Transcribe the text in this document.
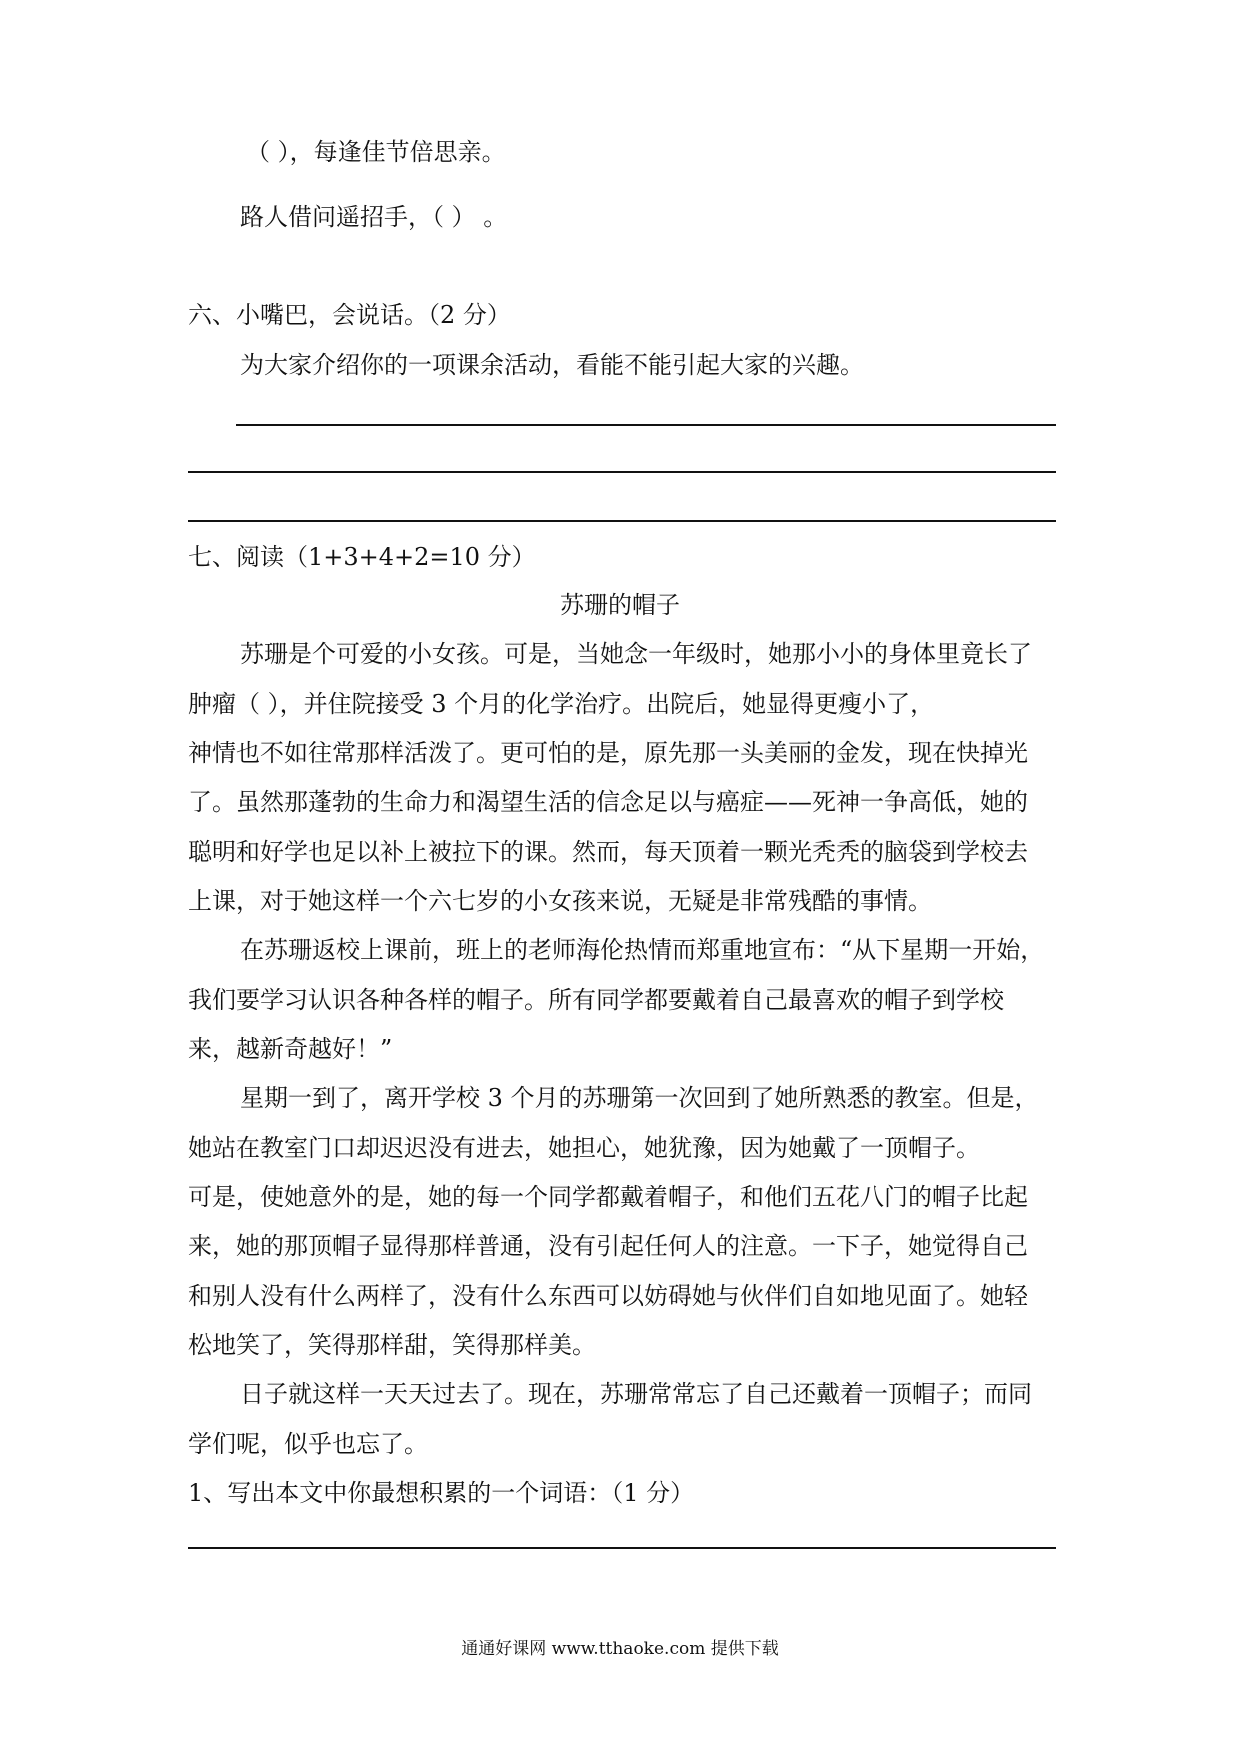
（ ），每逢佳节倍思亲。
路人借问遥招手，（ ） 。
六、小嘴巴，会说话。（2 分）
为大家介绍你的一项课余活动，看能不能引起大家的兴趣。
七、阅读（1+3+4+2=10 分）
苏珊的帽子
苏珊是个可爱的小女孩。可是，当她念一年级时，她那小小的身体里竟长了
肿瘤（ ），并住院接受 3 个月的化学治疗。出院后，她显得更瘦小了，
神情也不如往常那样活泼了。更可怕的是，原先那一头美丽的金发，现在快掉光
了。虽然那蓬勃的生命力和渴望生活的信念足以与癌症——死神一争高低，她的
聪明和好学也足以补上被拉下的课。然而，每天顶着一颗光秃秃的脑袋到学校去
上课，对于她这样一个六七岁的小女孩来说，无疑是非常残酷的事情。
在苏珊返校上课前，班上的老师海伦热情而郑重地宣布：“从下星期一开始，
我们要学习认识各种各样的帽子。所有同学都要戴着自己最喜欢的帽子到学校
来，越新奇越好！”
星期一到了，离开学校 3 个月的苏珊第一次回到了她所熟悉的教室。但是，
她站在教室门口却迟迟没有进去，她担心，她犹豫，因为她戴了一顶帽子。
可是，使她意外的是，她的每一个同学都戴着帽子，和他们五花八门的帽子比起
来，她的那顶帽子显得那样普通，没有引起任何人的注意。一下子，她觉得自己
和别人没有什么两样了，没有什么东西可以妨碍她与伙伴们自如地见面了。她轻
松地笑了，笑得那样甜，笑得那样美。
日子就这样一天天过去了。现在，苏珊常常忘了自己还戴着一顶帽子；而同
学们呢，似乎也忘了。
1、写出本文中你最想积累的一个词语：（1 分）
通通好课网 www.tthaoke.com 提供下载
